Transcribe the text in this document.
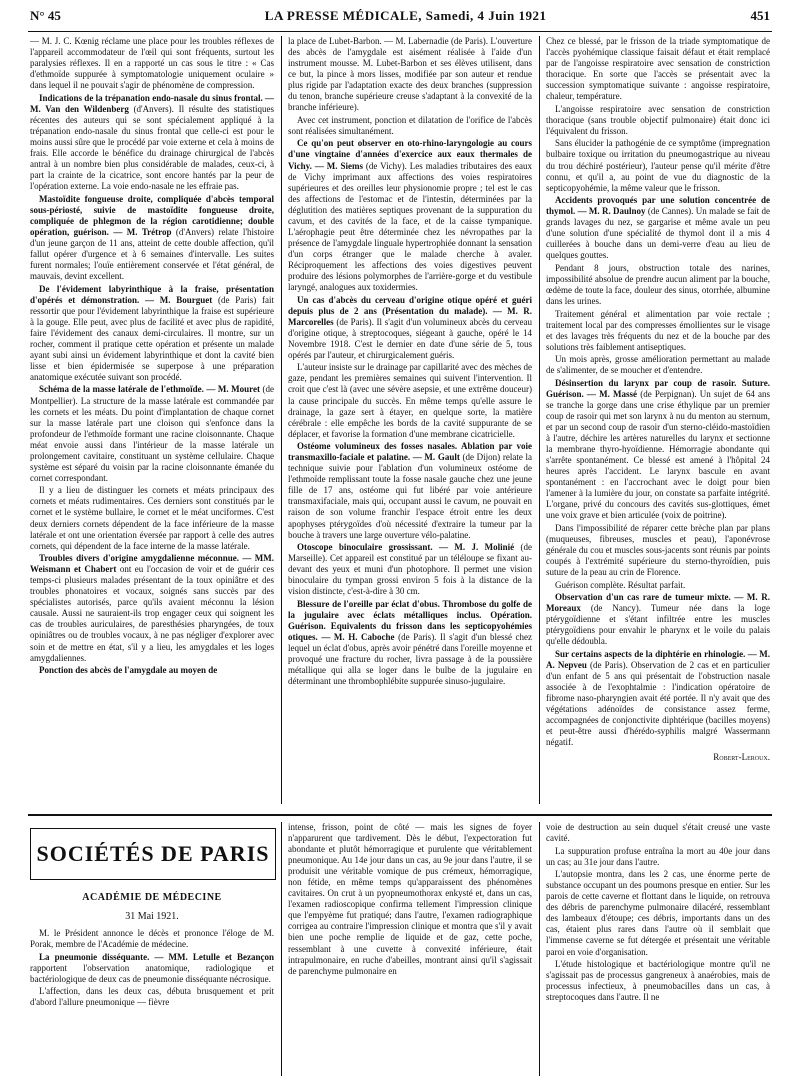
N° 45	LA PRESSE MÉDICALE, Samedi, 4 Juin 1921	451

— M. J. C. Kœnig réclame une place pour les troubles réflexes de l'appareil accommodateur de l'œil qui sont fréquents, surtout les paralysies réflexes. Il en a rapporté un cas sous le titre : « Cas d'ethmoïde suppurée à symptomatologie uniquement oculaire » dans lequel il ne pouvait s'agir de phénomène de compression.

Indications de la trépanation endo-nasale du sinus frontal. — M. Van den Wildenberg (d'Anvers). Il résulte des statistiques récentes des auteurs qui se sont spécialement appliqué à la trépanation endo-nasale du sinus frontal que celle-ci est pour le moins aussi sûre que le procédé par voie externe et cela à moins de frais. Elle accorde le bénéfice du drainage chirurgical de l'abcès antral à un nombre bien plus considérable de malades, ceux-ci, à part la crainte de la cicatrice, sont encore hantés par la peur de l'opération externe. La voie endo-nasale ne les effraie pas.

Mastoïdite fongueuse droite, compliquée d'abcès temporal sous-périosté, suivie de mastoïdite fongueuse droite, compliquée de phlegmon de la région carotidienne; double opération, guérison. — M. Trétrop (d'Anvers) relate l'histoire d'un jeune garçon de 11 ans, atteint de cette double affection, qu'il fallut opérer d'urgence et à 6 semaines d'intervalle. Les suites furent normales; l'ouïe entièrement conservée et l'état général, de mauvais, devint excellent.

De l'évidement labyrinthique à la fraise, présentation d'opérés et démonstration. — M. Bourguet (de Paris) fait ressortir que pour l'évidement labyrinthique la fraise est supérieure à la gouge. Elle peut, avec plus de facilité et avec plus de rapidité, faire l'évidement des canaux demi-circulaires. Il montre, sur un rocher, comment il pratique cette opération et présente un malade ayant subi ainsi un évidement labyrinthique et dont la cavité bien lisse et bien épidermisée se superpose à une préparation anatomique exécutée suivant son procédé.

Schéma de la masse latérale de l'ethmoïde. — M. Mouret (de Montpellier). La structure de la masse latérale est commandée par les cornets et les méats. Du point d'implantation de chaque cornet sur la masse latérale part une cloison qui s'enfonce dans la profondeur de l'ethmoïde formant une racine cloisonnante. Chaque méat envoie aussi dans l'intérieur de la masse latérale un prolongement cavitaire, constituant un système cellulaire. Chaque système est séparé du voisin par la racine cloisonnante émanée du cornet correspondant.

Il y a lieu de distinguer les cornets et méats principaux des cornets et méats rudimentaires. Ces derniers sont constitués par le cornet et le système bullaire, le cornet et le méat unciformes. C'est deux derniers cornets dépendent de la face inférieure de la masse latérale et ont une orientation éversée par rapport à celle des autres cornets, qui dépendent de la face interne de la masse latérale.

Troubles divers d'origine amygdalienne méconnue. — MM. Weismann et Chabert ont eu l'occasion de voir et de guérir ces temps-ci plusieurs malades présentant de la toux opiniâtre et des troubles phonatoires et vocaux, soignés sans succès par des spécialistes autorisés, parce qu'ils avaient méconnu la lésion causale. Aussi ne sauraient-ils trop engager ceux qui soignent les cas de troubles auriculaires, de paresthésies pharyngées, de toux opiniâtres ou de troubles vocaux, à ne pas négliger d'explorer avec soin et de mettre en état, s'il y a lieu, les amygdales et les loges amygdaliennes.

Ponction des abcès de l'amygdale au moyen de

la place de Lubet-Barbon. — M. Labernadie (de Paris). L'ouverture des abcès de l'amygdale est aisément réalisée à l'aide d'un instrument mousse. M. Lubet-Barbon et ses élèves utilisent, dans ce but, la pince à mors lisses, modifiée par son auteur et rendue plus rigide par l'adaptation exacte des deux branches (suppression du tenon, branche supérieure creuse s'adaptant à la convexité de la branche inférieure).

Avec cet instrument, ponction et dilatation de l'orifice de l'abcès sont réalisées simultanément.

Ce qu'on peut observer en oto-rhino-laryngologie au cours d'une vingtaine d'années d'exercice aux eaux thermales de Vichy. — M. Siems (de Vichy). Les maladies tributaires des eaux de Vichy imprimant aux affections des voies respiratoires supérieures et des oreilles leur physionomie propre ; tel est le cas des affections de l'estomac et de l'intestin, déterminées par la déglutition des matières septiques provenant de la suppuration du cavum, et des cavités de la face, et de la caisse tympanique. L'aérophagie peut être déterminée chez les névropathes par la présence de l'amygdale linguale hypertrophiée donnant la sensation d'un corps étranger que le malade cherche à avaler. Réciproquement les affections des voies digestives peuvent produire des lésions polymorphes de l'arrière-gorge et du vestibule laryngé, analogues aux toxidermies.

Un cas d'abcès du cerveau d'origine otique opéré et guéri depuis plus de 2 ans (Présentation du malade). — M. R. Marcorelles (de Paris). Il s'agit d'un volumineux abcès du cerveau d'origine otique, à streptocoques, siégeant à gauche, opéré le 14 Novembre 1918. C'est le dernier en date d'une série de 5, tous opérés par l'auteur, et chirurgicalement guéris.

L'auteur insiste sur le drainage par capillarité avec des mèches de gaze, pendant les premières semaines qui suivent l'intervention. Il croit que c'est là (avec une sévère asepsie, et une extrême douceur) la cause principale du succès. En même temps qu'elle assure le drainage, la gaze sert à étayer, en quelque sorte, la matière cérébrale : elle empêche les bords de la cavité suppurante de se déplacer, et favorise la formation d'une membrane cicatricielle.

Ostéome volumineux des fosses nasales. Ablation par voie transmaxillo-faciale et palatine. — M. Gault (de Dijon) relate la technique suivie pour l'ablation d'un volumineux ostéome de l'ethmoïde remplissant toute la fosse nasale gauche chez une jeune fille de 17 ans, ostéome qui fut libéré par voie antérieure transmaxifaciale, mais qui, occupant aussi le cavum, ne pouvait en raison de son volume franchir l'espace étroit entre les deux apophyses ptérygoïdes d'où nécessité d'extraire la tumeur par la bouche à travers une large ouverture vélo-palatine.

Otoscope binoculaire grossissant. — M. J. Molinié (de Marseille). Cet appareil est constitué par un téléloupe se fixant au-devant des yeux et muni d'un photophore. Il permet une vision binoculaire du tympan grossi environ 5 fois à la distance de la vision distincte, c'est-à-dire à 30 cm.

Blessure de l'oreille par éclat d'obus. Thrombose du golfe de la jugulaire avec éclats métalliques inclus. Opération. Guérison. Equivalents du frisson dans les septicopyohémies otiques. — M. H. Caboche (de Paris). Il s'agit d'un blessé chez lequel un éclat d'obus, après avoir pénétré dans l'oreille moyenne et provoqué une fracture du rocher, livra passage à de la poussière métallique qui alla se loger dans le bulbe de la jugulaire en déterminant une thrombophlébite suppurée sinuso-jugulaire.

Chez ce blessé, par le frisson de la triade symptomatique de l'accès pyohémique classique faisait défaut et était remplacé par de l'angoisse respiratoire avec sensation de constriction thoracique. En sorte que l'accès se présentait avec la succession symptomatique suivante : angoisse respiratoire, chaleur, température.

L'angoisse respiratoire avec sensation de constriction thoracique (sans trouble objectif pulmonaire) était donc ici l'équivalent du frisson.

Sans élucider la pathogénie de ce symptôme (impregnation bulbaire toxique ou irritation du pneumogastrique au niveau du trou déchiré postérieur), l'auteur pense qu'il mérite d'être connu, et qu'il a, au point de vue du diagnostic de la septicopyohémie, la même valeur que le frisson.

Accidents provoqués par une solution concentrée de thymol. — M. R. Daulnoy (de Cannes). Un malade se fait de grands lavages du nez, se gargarise et même avale un peu d'une solution d'une spécialité de thymol dont il a mis 4 cuillerées à bouche dans un demi-verre d'eau au lieu de quelques gouttes.

Pendant 8 jours, obstruction totale des narines, impossibilité absolue de prendre aucun aliment par la bouche, œdème de toute la face, douleur des sinus, otorrhée, albumine dans les urines.

Traitement général et alimentation par voie rectale ; traitement local par des compresses émollientes sur le visage et des lavages très fréquents du nez et de la bouche par des solutions très faiblement antiseptiques.

Un mois après, grosse amélioration permettant au malade de s'alimenter, de se moucher et d'entendre.

Désinsertion du larynx par coup de rasoir. Suture. Guérison. — M. Massé (de Perpignan). Un sujet de 64 ans se tranche la gorge dans une crise éthylique par un premier coup de rasoir qui met son larynx à nu du menton au sternum, et par un second coup de rasoir d'un sterno-cléido-mastoïdien à l'autre, déchire les artères naturelles du larynx et sectionne la membrane thyro-hyoïdienne. Hémorragie abondante qui s'arrête spontanément. Ce blessé est amené à l'hôpital 24 heures après l'accident. Le larynx bascule en avant spontanément : en l'accrochant avec le doigt pour bien l'amener à la lumière du jour, on constate sa parfaite intégrité. L'organe, privé du concours des cavités sus-glottiques, émet une voix grave et bien articulée (voix de poitrine).

Dans l'impossibilité de réparer cette brèche plan par plans (muqueuses, fibreuses, muscles et peau), l'aponévrose générale du cou et muscles sous-jacents sont réunis par points coupés à l'extrémité supérieure du sterno-thyroïdien, puis suture de la peau au crin de Florence.

Guérison complète. Résultat parfait.

Observation d'un cas rare de tumeur mixte. — M. R. Moreaux (de Nancy). Tumeur née dans la loge ptérygoïdienne et s'étant infiltrée entre les muscles ptérygoïdiens pour envahir le pharynx et le voile du palais qu'elle dédoubla.

Sur certains aspects de la diphtérie en rhinologie. — M. A. Nepveu (de Paris). Observation de 2 cas et en particulier d'un enfant de 5 ans qui présentait de l'obstruction nasale associée à de l'exophtalmie : l'indication opératoire de fibrome naso-pharyngien avait été portée. Il n'y avait que des végétations adénoïdes de consistance assez ferme, accompagnées de conjonctivite diphtérique (bacilles moyens) et peut-être aussi d'hérédo-syphilis malgré Wassermann négatif.

Robert-Leroux.
SOCIÉTÉS DE PARIS
ACADÉMIE DE MÉDECINE
31 Mai 1921.

M. le Président annonce le décès et prononce l'éloge de M. Porak, membre de l'Académie de médecine.

La pneumonie disséquante. — MM. Letulle et Bezançon rapportent l'observation anatomique, radiologique et bactériologique de deux cas de pneumonie disséquante nécrosique.

L'affection, dans les deux cas, débuta brusquement et prit d'abord l'allure pneumonique — fièvre

intense, frisson, point de côté — mais les signes de foyer n'apparurent que tardivement. Dès le début, l'expectoration fut abondante et plutôt hémorragique et purulente que véritablement pneumonique. Au 14e jour dans un cas, au 9e jour dans l'autre, il se produisit une véritable vomique de pus crémeux, hémorragique, non fétide, en même temps qu'apparaissent des phénomènes cavitaires. On crut à un pyopneumothorax enkysté et, dans un cas, l'examen radioscopique confirma tellement l'impression clinique que l'empyème fut pratiqué; dans l'autre, l'examen radiographique corrigea au contraire l'impression clinique et montra que s'il y avait bien une poche remplie de liquide et de gaz, cette poche, ressemblant à une cuvette à convexité inférieure, était intrapulmonaire, en ruche d'abeilles, montrant ainsi qu'il s'agissait de parenchyme pulmonaire en

voie de destruction au sein duquel s'était creusé une vaste cavité.

La suppuration profuse entraîna la mort au 40e jour dans un cas; au 31e jour dans l'autre.

L'autopsie montra, dans les 2 cas, une énorme perte de substance occupant un des poumons presque en entier. Sur les parois de cette caverne et flottant dans le liquide, on retrouva des débris de parenchyme pulmonaire dilacéré, ressemblant des lambeaux d'étoupe; ces débris, importants dans un des cas, étaient plus rares dans l'autre où il semblait que l'immense caverne se fut détergée et présentait une véritable paroi en voie d'organisation.

L'étude histologique et bactériologique montre qu'il ne s'agissait pas de processus gangreneux à anaérobies, mais de processus infectieux, à pneumobacilles dans un cas, à streptocoques dans l'autre. Il ne
